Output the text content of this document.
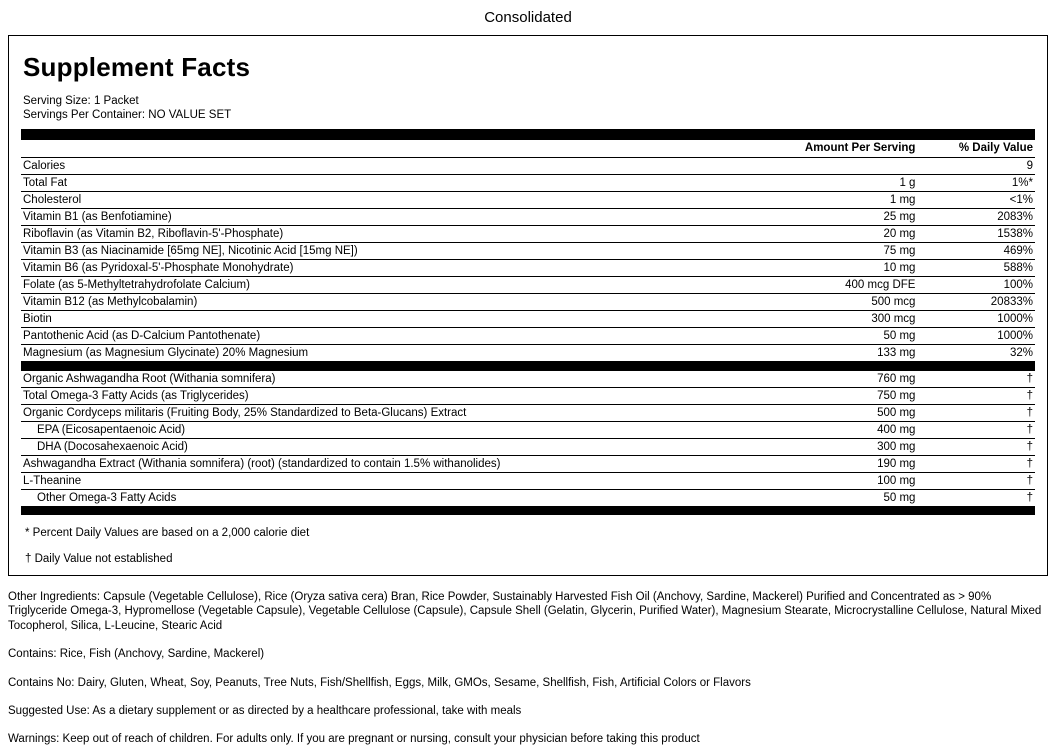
Consolidated
Supplement Facts
Serving Size: 1 Packet
Servings Per Container: NO VALUE SET

	Amount Per Serving	% Daily Value
Calories		9
Total Fat	1 g	1%*
Cholesterol	1 mg	<1%
Vitamin B1 (as Benfotiamine)	25 mg	2083%
Riboflavin (as Vitamin B2, Riboflavin-5'-Phosphate)	20 mg	1538%
Vitamin B3 (as Niacinamide [65mg NE], Nicotinic Acid [15mg NE])	75 mg	469%
Vitamin B6 (as Pyridoxal-5'-Phosphate Monohydrate)	10 mg	588%
Folate (as 5-Methyltetrahydrofolate Calcium)	400 mcg DFE	100%
Vitamin B12 (as Methylcobalamin)	500 mcg	20833%
Biotin	300 mcg	1000%
Pantothenic Acid (as D-Calcium Pantothenate)	50 mg	1000%
Magnesium (as Magnesium Glycinate) 20% Magnesium	133 mg	32%

Organic Ashwagandha Root (Withania somnifera)	760 mg	†
Total Omega-3 Fatty Acids (as Triglycerides)	750 mg	†
Organic Cordyceps militaris (Fruiting Body, 25% Standardized to Beta-Glucans) Extract	500 mg	†
EPA (Eicosapentaenoic Acid)	400 mg	†
DHA (Docosahexaenoic Acid)	300 mg	†
Ashwagandha Extract (Withania somnifera) (root) (standardized to contain 1.5% withanolides)	190 mg	†
L-Theanine	100 mg	†
Other Omega-3 Fatty Acids	50 mg	†

* Percent Daily Values are based on a 2,000 calorie diet
† Daily Value not established

Other Ingredients: Capsule (Vegetable Cellulose), Rice (Oryza sativa cera) Bran, Rice Powder, Sustainably Harvested Fish Oil (Anchovy, Sardine, Mackerel) Purified and Concentrated as > 90% Triglyceride Omega-3, Hypromellose (Vegetable Capsule), Vegetable Cellulose (Capsule), Capsule Shell (Gelatin, Glycerin, Purified Water), Magnesium Stearate, Microcrystalline Cellulose, Natural Mixed Tocopherol, Silica, L-Leucine, Stearic Acid

Contains: Rice, Fish (Anchovy, Sardine, Mackerel)

Contains No: Dairy, Gluten, Wheat, Soy, Peanuts, Tree Nuts, Fish/Shellfish, Eggs, Milk, GMOs, Sesame, Shellfish, Fish, Artificial Colors or Flavors

Suggested Use: As a dietary supplement or as directed by a healthcare professional, take with meals

Warnings: Keep out of reach of children. For adults only. If you are pregnant or nursing, consult your physician before taking this product
